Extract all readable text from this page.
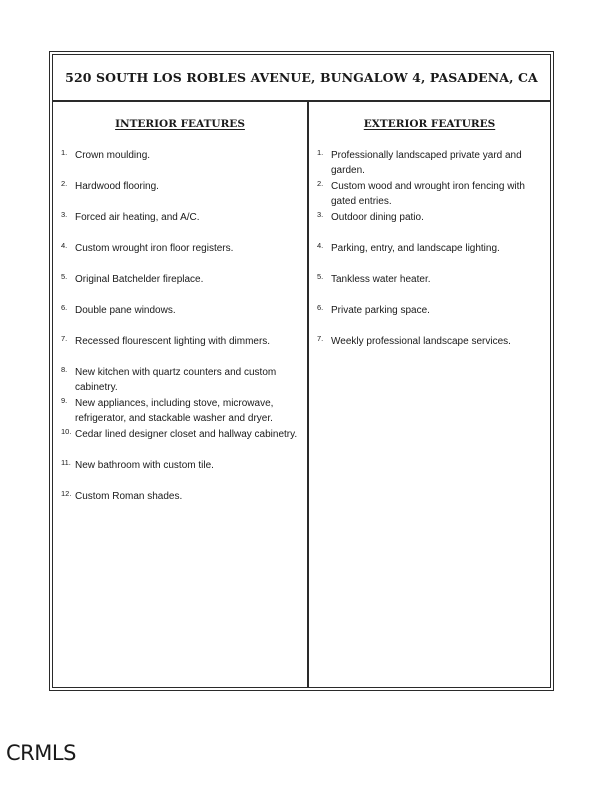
520 SOUTH LOS ROBLES AVENUE, BUNGALOW 4, PASADENA, CA
INTERIOR FEATURES
1. Crown moulding.
2. Hardwood flooring.
3. Forced air heating, and A/C.
4. Custom wrought iron floor registers.
5. Original Batchelder fireplace.
6. Double pane windows.
7. Recessed flourescent lighting with dimmers.
8. New kitchen with quartz counters and custom cabinetry.
9. New appliances, including stove, microwave, refrigerator, and stackable washer and dryer.
10. Cedar lined designer closet and hallway cabinetry.
11. New bathroom with custom tile.
12. Custom Roman shades.
EXTERIOR FEATURES
1. Professionally landscaped private yard and garden.
2. Custom wood and wrought iron fencing with gated entries.
3. Outdoor dining patio.
4. Parking, entry, and landscape lighting.
5. Tankless water heater.
6. Private parking space.
7. Weekly professional landscape services.
CRMLS
